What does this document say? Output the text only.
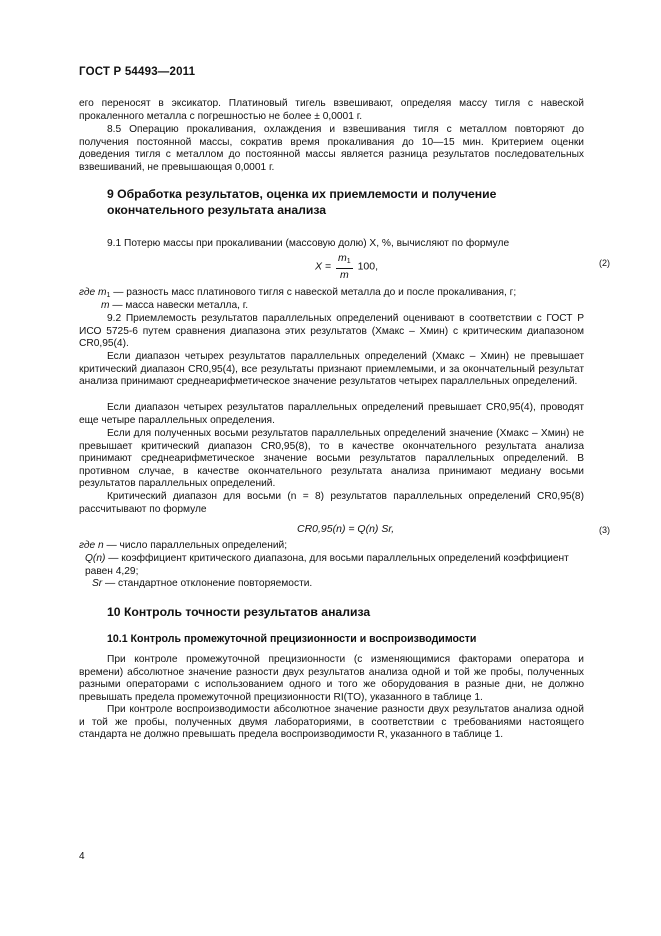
ГОСТ Р 54493—2011
его переносят в эксикатор. Платиновый тигель взвешивают, определяя массу тигля с навеской прокаленного металла с погрешностью не более ± 0,0001 г.
8.5 Операцию прокаливания, охлаждения и взвешивания тигля с металлом повторяют до получения постоянной массы, сократив время прокаливания до 10—15 мин. Критерием оценки доведения тигля с металлом до постоянной массы является разница результатов последовательных взвешиваний, не превышающая 0,0001 г.
9 Обработка результатов, оценка их приемлемости и получение окончательного результата анализа
9.1 Потерю массы при прокаливании (массовую долю) X, %, вычисляют по формуле
$X = \frac{m_1}{m} 100$,	(2)
где $m_1$ — разность масс платинового тигля с навеской металла до и после прокаливания, г;
m — масса навески металла, г.
9.2 Приемлемость результатов параллельных определений оценивают в соответствии с ГОСТ Р ИСО 5725-6 путем сравнения диапазона этих результатов (Xмакс – Xмин) с критическим диапазоном CR0,95(4).
Если диапазон четырех результатов параллельных определений (Xмакс – Xмин) не превышает критический диапазон CR0,95(4), все результаты признают приемлемыми, и за окончательный результат анализа принимают среднеарифметическое значение результатов четырех параллельных определений.
Если диапазон четырех результатов параллельных определений превышает CR0,95(4), проводят еще четыре параллельных определения.
Если для полученных восьми результатов параллельных определений значение (Xмакс – Xмин) не превышает критический диапазон CR0,95(8), то в качестве окончательного результата анализа принимают среднеарифметическое значение восьми результатов параллельных определений. В противном случае, в качестве окончательного результата анализа принимают медиану восьми результатов параллельных определений.
Критический диапазон для восьми (n = 8) результатов параллельных определений CR0,95(8) рассчитывают по формуле
CR0,95(n) = Q(n) Sr,	(3)
где n — число параллельных определений;
Q(n) — коэффициент критического диапазона, для восьми параллельных определений коэффициент равен 4,29;
Sr — стандартное отклонение повторяемости.
10 Контроль точности результатов анализа
10.1 Контроль промежуточной прецизионности и воспроизводимости
При контроле промежуточной прецизионности (с изменяющимися факторами оператора и времени) абсолютное значение разности двух результатов анализа одной и той же пробы, полученных разными операторами с использованием одного и того же оборудования в разные дни, не должно превышать предела промежуточной прецизионности RI(TO), указанного в таблице 1.
При контроле воспроизводимости абсолютное значение разности двух результатов анализа одной и той же пробы, полученных двумя лабораториями, в соответствии с требованиями настоящего стандарта не должно превышать предела воспроизводимости R, указанного в таблице 1.
4
